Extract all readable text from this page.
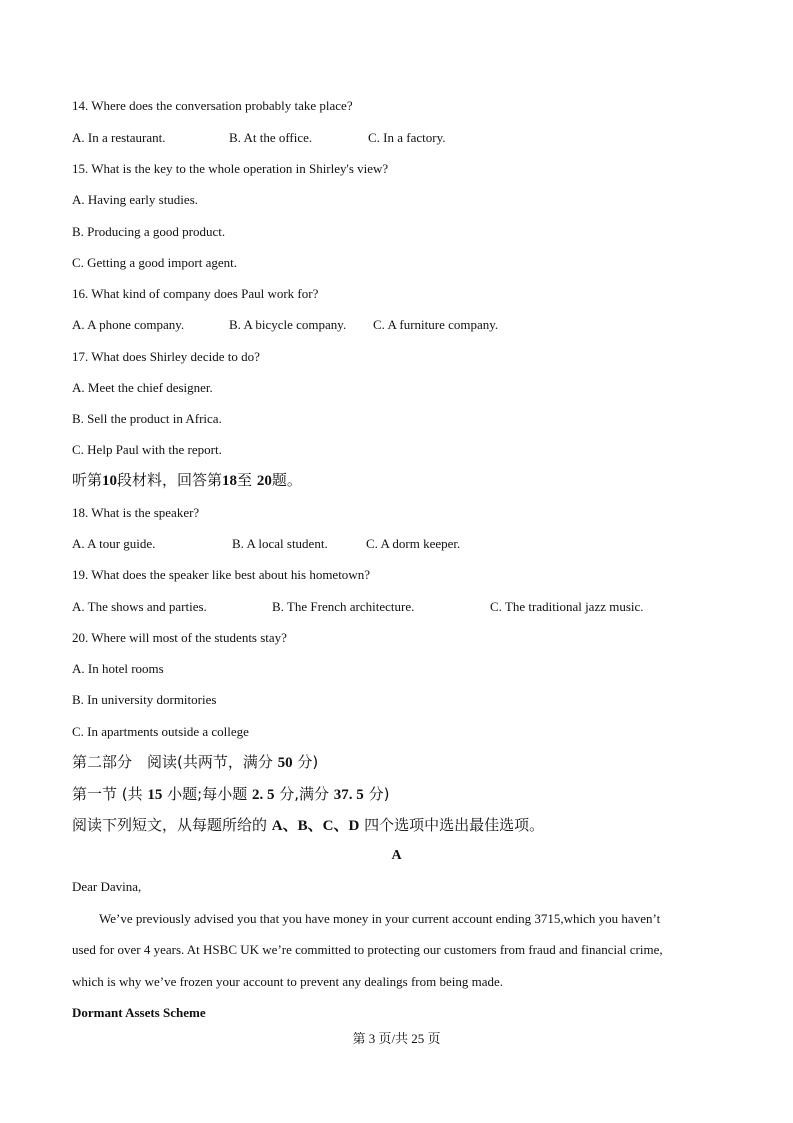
14. Where does the conversation probably take place?
A. In a restaurant.	B. At the office.	C. In a factory.
15. What is the key to the whole operation in Shirley's view?
A. Having early studies.
B. Producing a good product.
C. Getting a good import agent.
16. What kind of company does Paul work for?
A. A phone company.	B. A bicycle company. C. A furniture company.
17. What does Shirley decide to do?
A. Meet the chief designer.
B. Sell the product in Africa.
C. Help Paul with the report.
听第10段材料，回答第18至 20题。
18. What is the speaker?
A. A tour guide.	B. A local student.	C. A dorm keeper.
19. What does the speaker like best about his hometown?
A. The shows and parties.	B. The French architecture.	C. The traditional jazz music.
20. Where will most of the students stay?
A. In hotel rooms
B. In university dormitories
C. In apartments outside a college
第二部分　阅读(共两节，满分 50 分)
第一节 (共 15 小题;每小题 2. 5 分,满分 37. 5 分)
阅读下列短文，从每题所给的 A、B、C、D 四个选项中选出最佳选项。
A
Dear Davina,
We’ve previously advised you that you have money in your current account ending 3715,which you haven’t
used for over 4 years. At HSBC UK we’re committed to protecting our customers from fraud and financial crime,
which is why we’ve frozen your account to prevent any dealings from being made.
Dormant Assets Scheme
第 3 页/共 25 页
